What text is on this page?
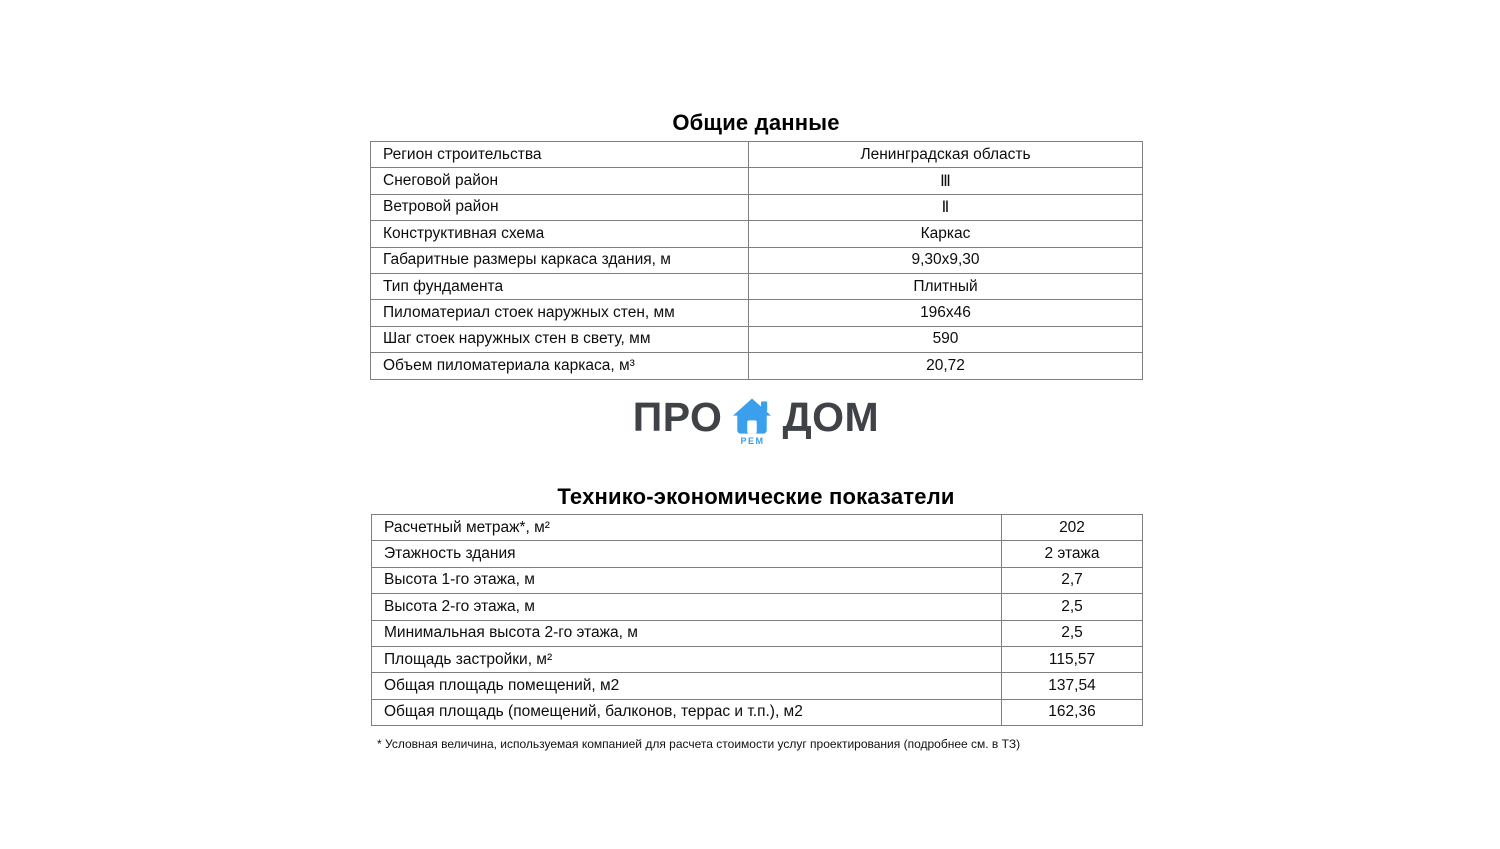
Общие данные
Регион строительства	Ленинградская область
Снеговой район	Ⅲ
Ветровой район	Ⅱ
Конструктивная схема	Каркас
Габаритные размеры каркаса здания, м	9,30x9,30
Тип фундамента	Плитный
Пиломатериал стоек наружных стен, мм	196x46
Шаг стоек наружных стен в свету, мм	590
Объем пиломатериала каркаса, м³	20,72
ПРО
РЕМ
ДОМ
Технико-экономические показатели
Расчетный метраж*, м²	202
Этажность здания	2 этажа
Высота 1-го этажа, м	2,7
Высота 2-го этажа, м	2,5
Минимальная высота 2-го этажа, м	2,5
Площадь застройки, м²	115,57
Общая площадь помещений, м2	137,54
Общая площадь (помещений, балконов, террас и т.п.), м2	162,36
* Условная величина, используемая компанией для расчета стоимости услуг проектирования (подробнее см. в ТЗ)
